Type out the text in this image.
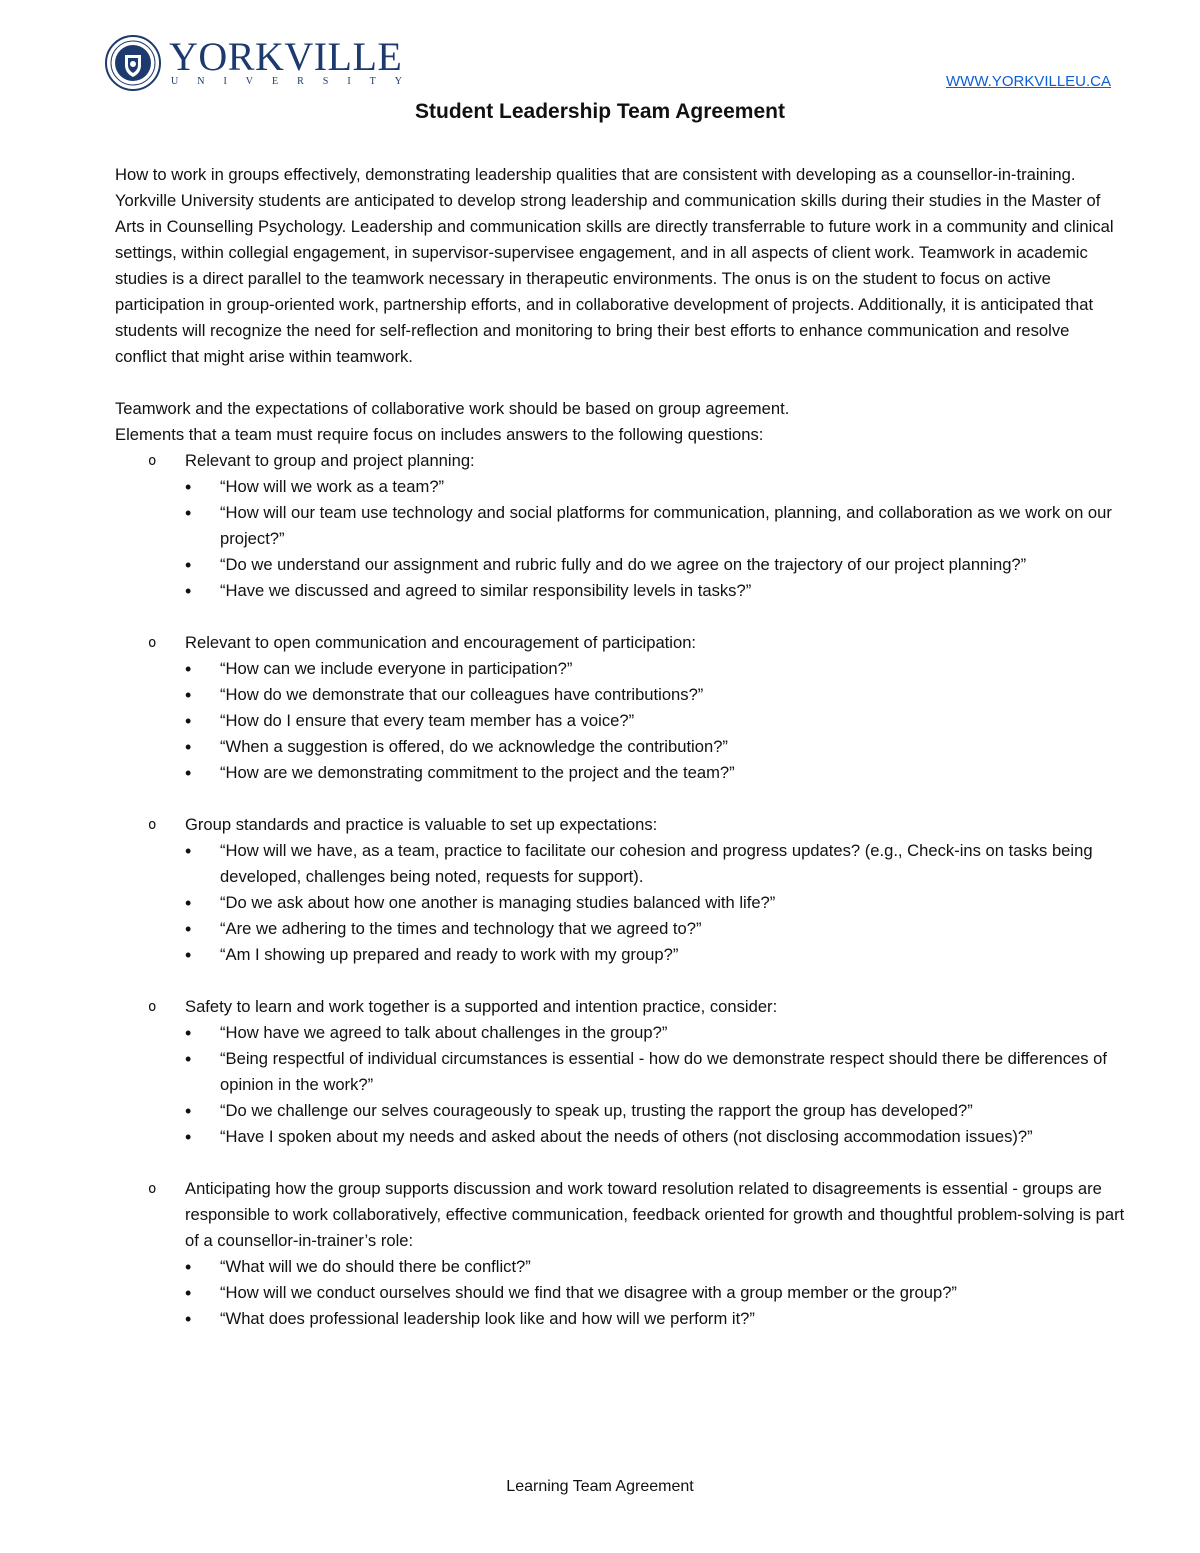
YORKVILLE
UNIVERSITY	WWW.YORKVILLEU.CA
Student Leadership Team Agreement

How to work in groups effectively, demonstrating leadership qualities that are consistent with developing as a counsellor-in-training.

Yorkville University students are anticipated to develop strong leadership and communication skills during their studies in the Master of Arts in Counselling Psychology. Leadership and communication skills are directly transferrable to future work in a community and clinical settings, within collegial engagement, in supervisor-supervisee engagement, and in all aspects of client work. Teamwork in academic studies is a direct parallel to the teamwork necessary in therapeutic environments. The onus is on the student to focus on active participation in group-oriented work, partnership efforts, and in collaborative development of projects. Additionally, it is anticipated that students will recognize the need for self-reflection and monitoring to bring their best efforts to enhance communication and resolve conflict that might arise within teamwork.

Teamwork and the expectations of collaborative work should be based on group agreement.

Elements that a team must require focus on includes answers to the following questions:

o Relevant to group and project planning:

• “How will we work as a team?”
• “How will our team use technology and social platforms for communication, planning, and collaboration as we work on our project?”
• “Do we understand our assignment and rubric fully and do we agree on the trajectory of our project planning?”
• “Have we discussed and agreed to similar responsibility levels in tasks?”
o Relevant to open communication and encouragement of participation:

• “How can we include everyone in participation?”
• “How do we demonstrate that our colleagues have contributions?”
• “How do I ensure that every team member has a voice?”
• “When a suggestion is offered, do we acknowledge the contribution?”
• “How are we demonstrating commitment to the project and the team?”
o Group standards and practice is valuable to set up expectations:

• “How will we have, as a team, practice to facilitate our cohesion and progress updates? (e.g., Check-ins on tasks being developed, challenges being noted, requests for support).
• “Do we ask about how one another is managing studies balanced with life?”
• “Are we adhering to the times and technology that we agreed to?”
• “Am I showing up prepared and ready to work with my group?”
o Safety to learn and work together is a supported and intention practice, consider:

• “How have we agreed to talk about challenges in the group?”
• “Being respectful of individual circumstances is essential - how do we demonstrate respect should there be differences of opinion in the work?”
• “Do we challenge our selves courageously to speak up, trusting the rapport the group has developed?”
• “Have I spoken about my needs and asked about the needs of others (not disclosing accommodation issues)?”
o Anticipating how the group supports discussion and work toward resolution related to disagreements is essential - groups are responsible to work collaboratively, effective communication, feedback oriented for growth and thoughtful problem-solving is part of a counsellor-in-trainer’s role:

• “What will we do should there be conflict?”
• “How will we conduct ourselves should we find that we disagree with a group member or the group?”
• “What does professional leadership look like and how will we perform it?”
Learning Team Agreement
